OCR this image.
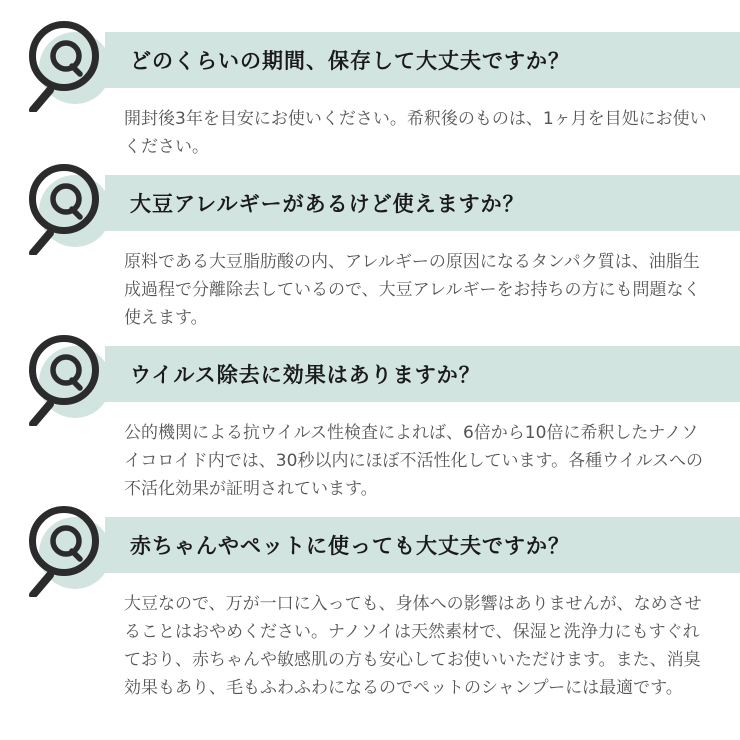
どのくらいの期間、保存して大丈夫ですか？

開封後3年を目安にお使いください。希釈後のものは、1ヶ月を目処にお使いください。

大豆アレルギーがあるけど使えますか？

原料である大豆脂肪酸の内、アレルギーの原因になるタンパク質は、油脂生成過程で分離除去しているので、大豆アレルギーをお持ちの方にも問題なく使えます。

ウイルス除去に効果はありますか？

公的機関による抗ウイルス性検査によれば、6倍から10倍に希釈したナノソイコロイド内では、30秒以内にほぼ不活性化しています。各種ウイルスへの不活化効果が証明されています。

赤ちゃんやペットに使っても大丈夫ですか？

大豆なので、万が一口に入っても、身体への影響はありませんが、なめさせることはおやめください。ナノソイは天然素材で、保湿と洗浄力にもすぐれており、赤ちゃんや敏感肌の方も安心してお使いいただけます。また、消臭効果もあり、毛もふわふわになるのでペットのシャンプーには最適です。
